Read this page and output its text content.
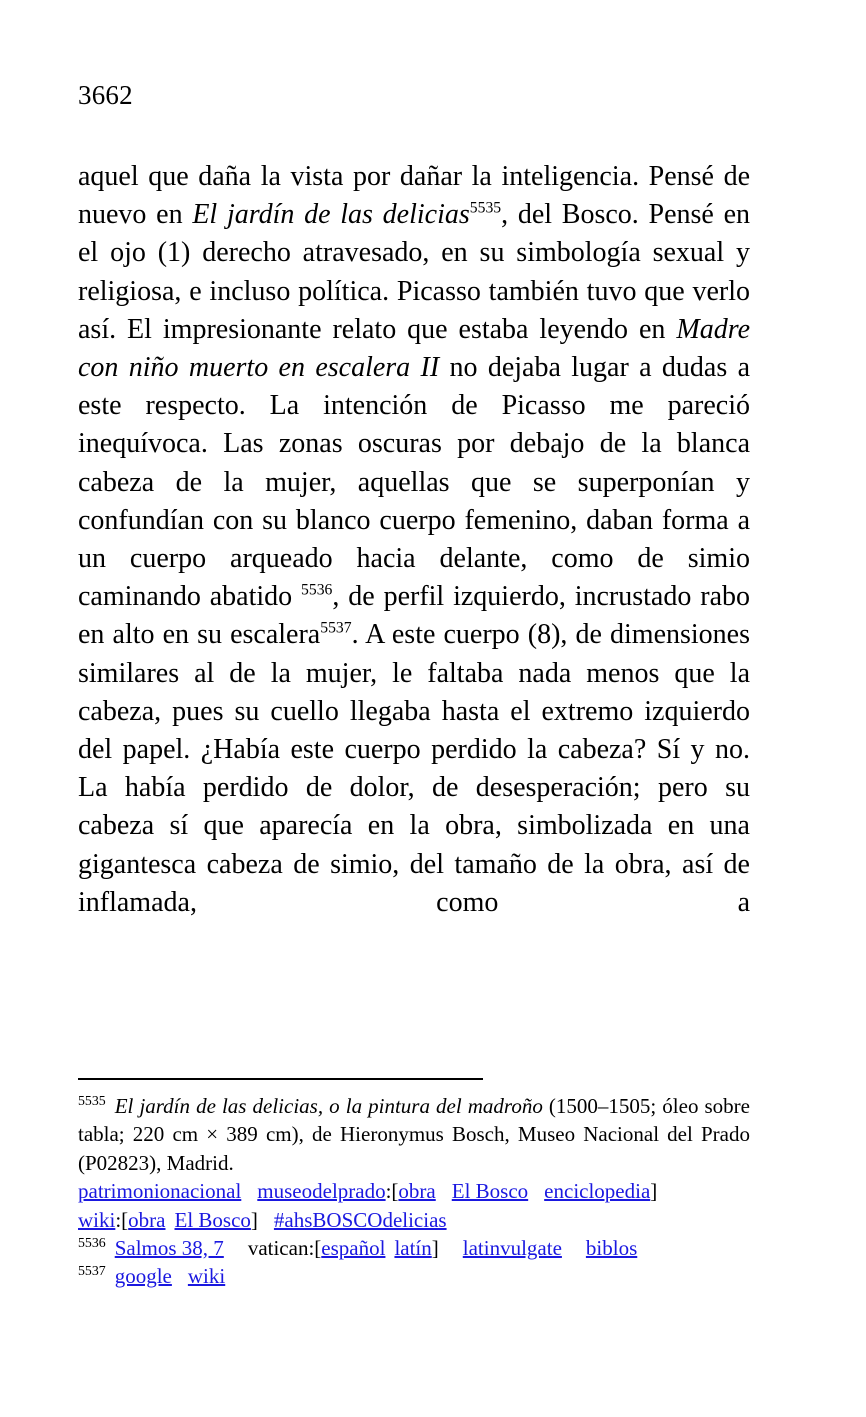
3662

aquel que daña la vista por dañar la inteligencia. Pensé de nuevo en El jardín de las delicias$^{5535}$, del Bosco. Pensé en el ojo (1) derecho atravesado, en su simbología sexual y religiosa, e incluso política. Picasso también tuvo que verlo así. El impresionante relato que estaba leyendo en Madre con niño muerto en escalera II no dejaba lugar a dudas a este respecto. La intención de Picasso me pareció inequívoca. Las zonas oscuras por debajo de la blanca cabeza de la mujer, aquellas que se superponían y confundían con su blanco cuerpo femenino, daban forma a un cuerpo arqueado hacia delante, como de simio caminando abatido $^{5536}$, de perfil izquierdo, incrustado rabo en alto en su escalera$^{5537}$. A este cuerpo (8), de dimensiones similares al de la mujer, le faltaba nada menos que la cabeza, pues su cuello llegaba hasta el extremo izquierdo del papel. ¿Había este cuerpo perdido la cabeza? Sí y no. La había perdido de dolor, de desesperación; pero su cabeza sí que aparecía en la obra, simbolizada en una gigantesca cabeza de simio, del tamaño de la obra, así de inflamada, como a

$^{5535}$ El jardín de las delicias, o la pintura del madroño (1500–1505; óleo sobre tabla; 220 cm × 389 cm), de Hieronymus Bosch, Museo Nacional del Prado (P02823), Madrid.

patrimonionacional museodelprado:[obra El Bosco enciclopedia]
wiki:[obra El Bosco] #ahsBOSCOdelicias
$^{5536}$ Salmos 38, 7 vatican:[español latín] latinvulgate biblos
$^{5537}$ google wiki
